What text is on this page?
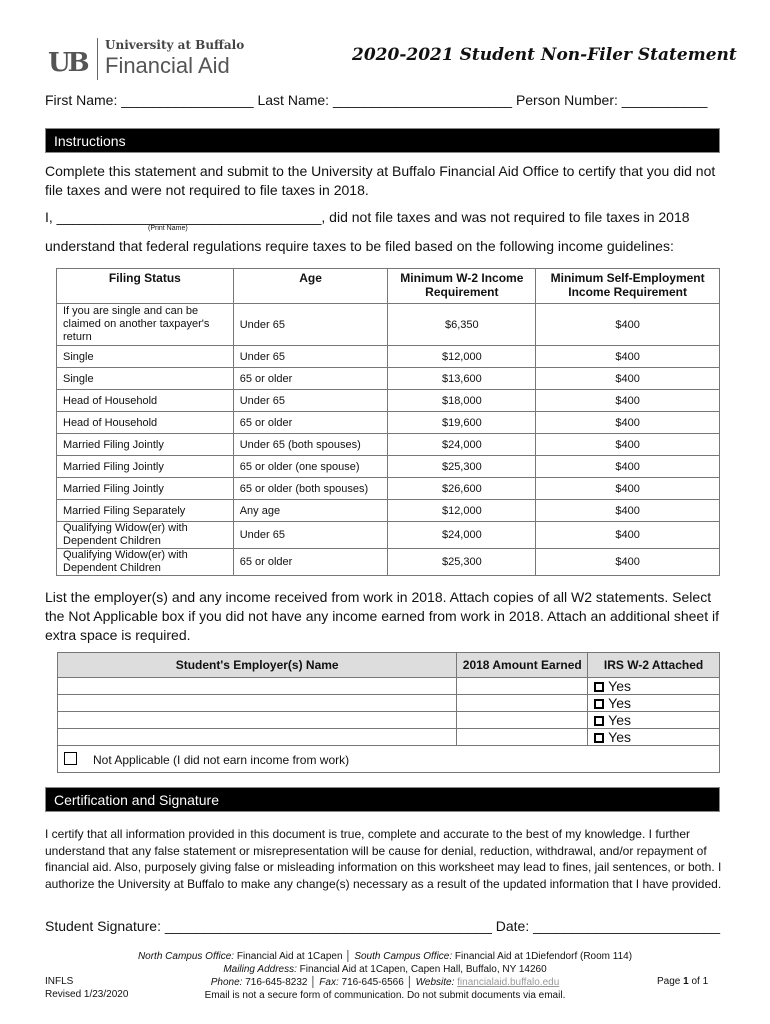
UB
University at Buffalo
Financial Aid	2020-2021 Student Non-Filer Statement
First Name: _________________ Last Name: _______________________ Person Number: ___________
Instructions
Complete this statement and submit to the University at Buffalo Financial Aid Office to certify that you did not file taxes and were not required to file taxes in 2018.
I, __________________________________, did not file taxes and was not required to file taxes in 2018
(Print Name)
understand that federal regulations require taxes to be filed based on the following income guidelines:
Filing Status	Age	Minimum W-2 Income Requirement	Minimum Self-Employment Income Requirement
If you are single and can be claimed on another taxpayer's return	Under 65	$6,350	$400
Single	Under 65	$12,000	$400
Single	65 or older	$13,600	$400
Head of Household	Under 65	$18,000	$400
Head of Household	65 or older	$19,600	$400
Married Filing Jointly	Under 65 (both spouses)	$24,000	$400
Married Filing Jointly	65 or older (one spouse)	$25,300	$400
Married Filing Jointly	65 or older (both spouses)	$26,600	$400
Married Filing Separately	Any age	$12,000	$400
Qualifying Widow(er) with Dependent Children	Under 65	$24,000	$400
Qualifying Widow(er) with Dependent Children	65 or older	$25,300	$400
List the employer(s) and any income received from work in 2018. Attach copies of all W2 statements. Select the Not Applicable box if you did not have any income earned from work in 2018. Attach an additional sheet if extra space is required.
Student's Employer(s) Name	2018 Amount Earned	IRS W-2 Attached
		Yes
		Yes
		Yes
		Yes
Not Applicable (I did not earn income from work)		
Certification and Signature
I certify that all information provided in this document is true, complete and accurate to the best of my knowledge. I further understand that any false statement or misrepresentation will be cause for denial, reduction, withdrawal, and/or repayment of financial aid. Also, purposely giving false or misleading information on this worksheet may lead to fines, jail sentences, or both. I authorize the University at Buffalo to make any change(s) necessary as a result of the updated information that I have provided.
Student Signature: __________________________________________ Date: ________________________
North Campus Office: Financial Aid at 1Capen │ South Campus Office: Financial Aid at 1Diefendorf (Room 114)
Mailing Address: Financial Aid at 1Capen, Capen Hall, Buffalo, NY 14260
Phone: 716-645-8232 │ Fax: 716-645-6566 │ Website: financialaid.buffalo.edu
Email is not a secure form of communication. Do not submit documents via email.
INFLS
Revised 1/23/2020
Page 1 of 1
